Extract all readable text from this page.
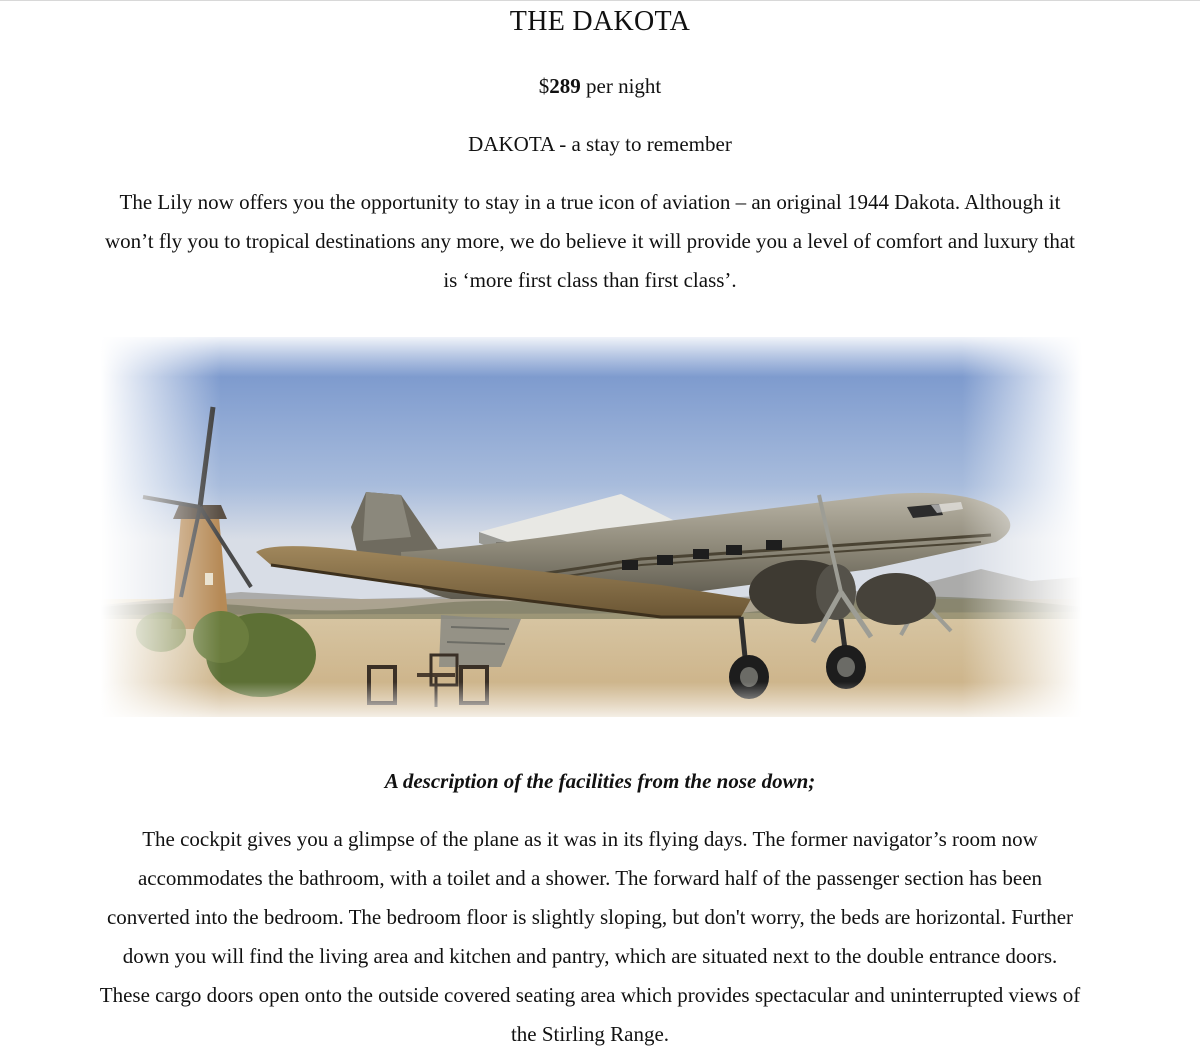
THE DAKOTA
$289 per night
DAKOTA - a stay to remember

The Lily now offers you the opportunity to stay in a true icon of aviation – an original 1944 Dakota. Although it won’t fly you to tropical destinations any more, we do believe it will provide you a level of comfort and luxury that is ‘more first class than first class’.

A description of the facilities from the nose down;

The cockpit gives you a glimpse of the plane as it was in its flying days. The former navigator’s room now accommodates the bathroom, with a toilet and a shower. The forward half of the passenger section has been converted into the bedroom. The bedroom floor is slightly sloping, but don't worry, the beds are horizontal. Further down you will find the living area and kitchen and pantry, which are situated next to the double entrance doors. These cargo doors open onto the outside covered seating area which provides spectacular and uninterrupted views of the Stirling Range.
